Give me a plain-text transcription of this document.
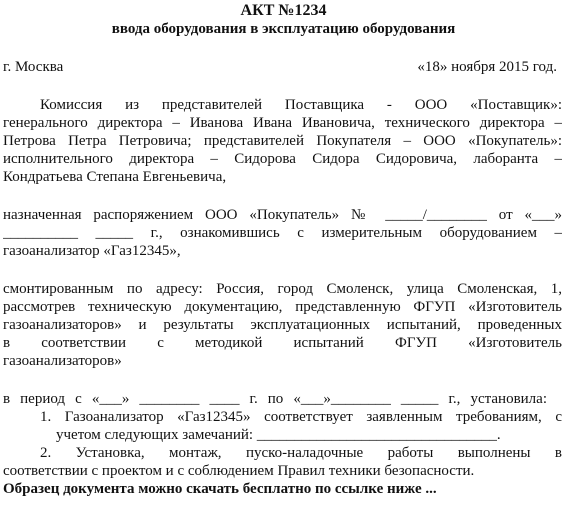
АКТ №1234
ввода оборудования в эксплуатацию оборудования
г. Москва	«18» ноября 2015 год.
Комиссия из представителей Поставщика - ООО «Поставщик»:
генерального директора – Иванова Ивана Ивановича, технического директора –
Петрова Петра Петровича; представителей Покупателя – ООО «Покупатель»:
исполнительного директора – Сидорова Сидора Сидоровича, лаборанта –
Кондратьева Степана Евгеньевича,
назначенная распоряжением ООО «Покупатель» № _____/________ от «___»
__________ _____ г., ознакомившись с измерительным оборудованием –
газоанализатор «Газ12345»,
смонтированным по адресу: Россия, город Смоленск, улица Смоленская, 1,
рассмотрев техническую документацию, представленную ФГУП «Изготовитель
газоанализаторов» и результаты эксплуатационных испытаний, проведенных
в соответствии с методикой испытаний ФГУП «Изготовитель
газоанализаторов»
в период с «___» ________ ____ г. по «___»________ _____ г., установила:
1. Газоанализатор «Газ12345» соответствует заявленным требованиям, с
учетом следующих замечаний: ________________________________.
2. Установка, монтаж, пуско-наладочные работы выполнены в
соответствии с проектом и с соблюдением Правил техники безопасности.
Образец документа можно скачать бесплатно по ссылке ниже ...
